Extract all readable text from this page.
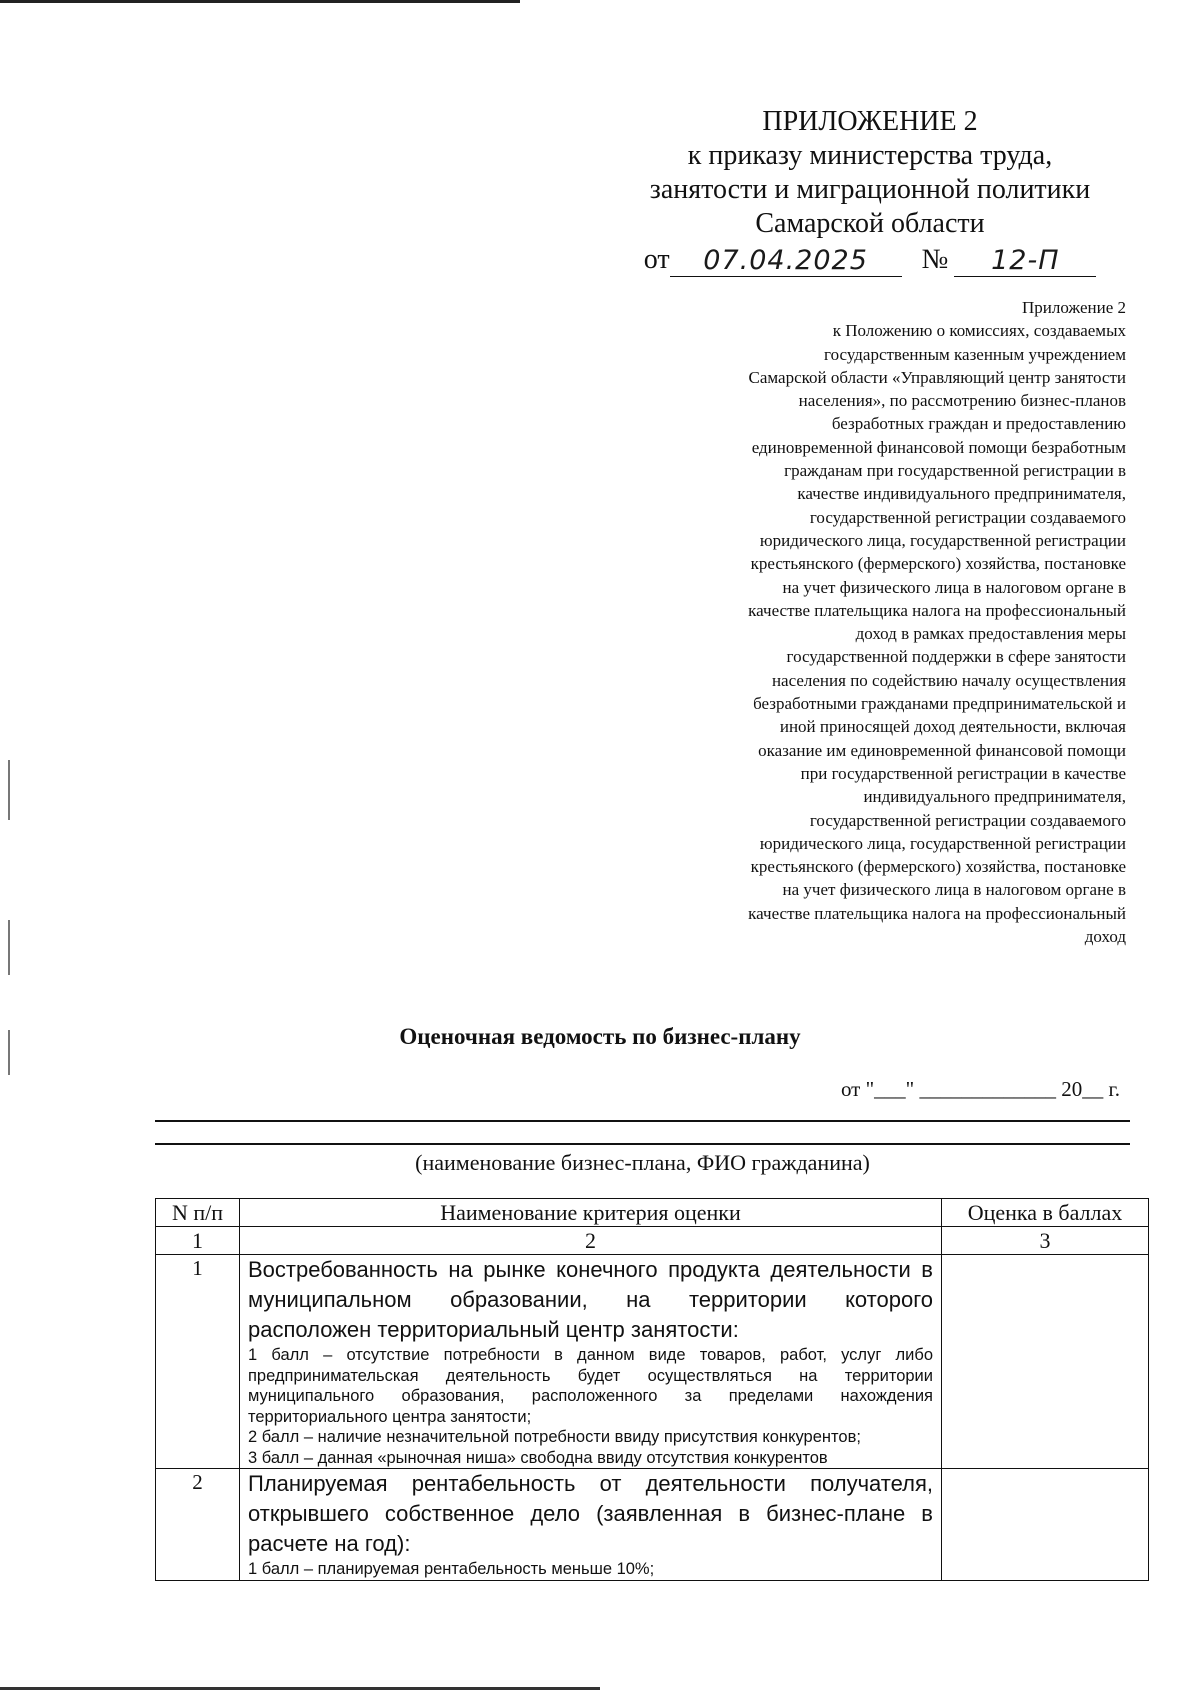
ПРИЛОЖЕНИЕ 2
к приказу министерства труда,
занятости и миграционной политики
Самарской области
от	07.04.2025	№	12-П
Приложение 2
к Положению о комиссиях, создаваемых
государственным казенным учреждением
Самарской области «Управляющий центр занятости
населения», по рассмотрению бизнес-планов
безработных граждан и предоставлению
единовременной финансовой помощи безработным
гражданам при государственной регистрации в
качестве индивидуального предпринимателя,
государственной регистрации создаваемого
юридического лица, государственной регистрации
крестьянского (фермерского) хозяйства, постановке
на учет физического лица в налоговом органе в
качестве плательщика налога на профессиональный
доход в рамках предоставления меры
государственной поддержки в сфере занятости
населения по содействию началу осуществления
безработными гражданами предпринимательской и
иной приносящей доход деятельности, включая
оказание им единовременной финансовой помощи
при государственной регистрации в качестве
индивидуального предпринимателя,
государственной регистрации создаваемого
юридического лица, государственной регистрации
крестьянского (фермерского) хозяйства, постановке
на учет физического лица в налоговом органе в
качестве плательщика налога на профессиональный
доход
Оценочная ведомость по бизнес-плану
от "___" _____________ 20__ г.
(наименование бизнес-плана, ФИО гражданина)
N п/п	Наименование критерия оценки	Оценка в баллах
1	2	3
1	Востребованность на рынке конечного продукта деятельности в муниципальном образовании, на территории которого расположен территориальный центр занятости:
1 балл – отсутствие потребности в данном виде товаров, работ, услуг либо предпринимательская деятельность будет осуществляться на территории муниципального образования, расположенного за пределами нахождения территориального центра занятости;
2 балл – наличие незначительной потребности ввиду присутствия конкурентов;
3 балл – данная «рыночная ниша» свободна ввиду отсутствия конкурентов	

2	Планируемая рентабельность от деятельности получателя, открывшего собственное дело (заявленная в бизнес-плане в расчете на год):
1 балл – планируемая рентабельность меньше 10%;	
